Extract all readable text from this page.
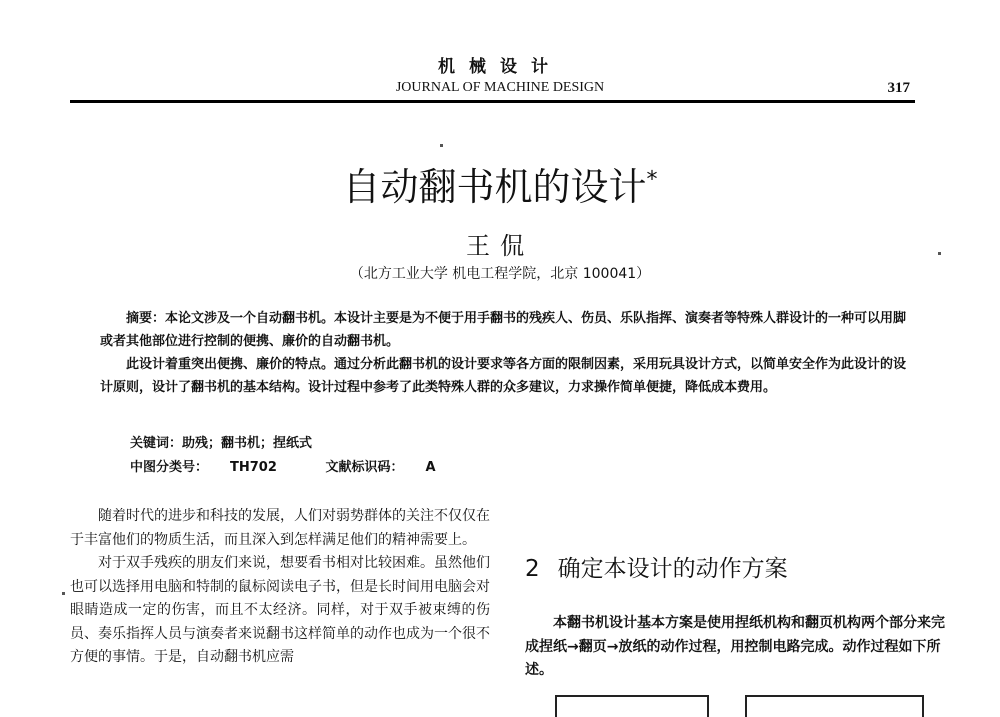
机械设计
JOURNAL OF MACHINE DESIGN	317
自动翻书机的设计*
王侃
（北方工业大学 机电工程学院，北京 100041）

摘要：本论文涉及一个自动翻书机。本设计主要是为不便于用手翻书的残疾人、伤员、乐队指挥、演奏者等特殊人群设计的一种可以用脚或者其他部位进行控制的便携、廉价的自动翻书机。

此设计着重突出便携、廉价的特点。通过分析此翻书机的设计要求等各方面的限制因素，采用玩具设计方式，以简单安全作为此设计的设计原则，设计了翻书机的基本结构。设计过程中参考了此类特殊人群的众多建议，力求操作简单便捷，降低成本费用。

关键词：助残；翻书机；捏纸式
中图分类号： TH702	文献标识码： A

随着时代的进步和科技的发展，人们对弱势群体的关注不仅仅在于丰富他们的物质生活，而且深入到怎样满足他们的精神需要上。

对于双手残疾的朋友们来说，想要看书相对比较困难。虽然他们也可以选择用电脑和特制的鼠标阅读电子书，但是长时间用电脑会对眼睛造成一定的伤害，而且不太经济。同样，对于双手被束缚的伤员、奏乐指挥人员与演奏者来说翻书这样简单的动作也成为一个很不方便的事情。于是，自动翻书机应需

2 确定本设计的动作方案

本翻书机设计基本方案是使用捏纸机构和翻页机构两个部分来完成捏纸→翻页→放纸的动作过程，用控制电路完成。动作过程如下所述。
